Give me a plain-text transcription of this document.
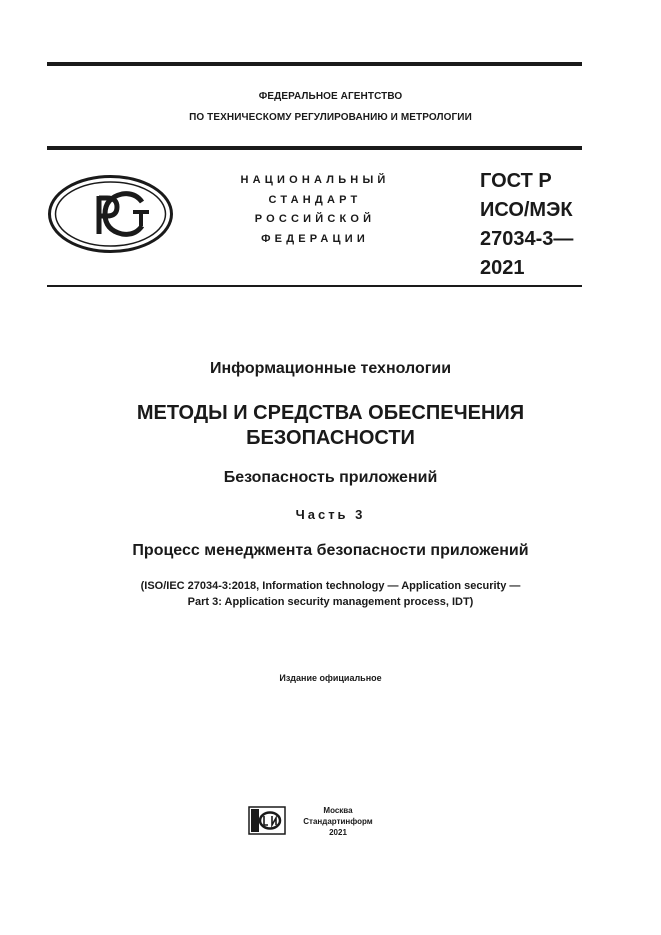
ФЕДЕРАЛЬНОЕ АГЕНТСТВО
ПО ТЕХНИЧЕСКОМУ РЕГУЛИРОВАНИЮ И МЕТРОЛОГИИ
НАЦИОНАЛЬНЫЙ
СТАНДАРТ
РОССИЙСКОЙ
ФЕДЕРАЦИИ
ГОСТ Р
ИСО/МЭК
27034-3—
2021
Информационные технологии
МЕТОДЫ И СРЕДСТВА ОБЕСПЕЧЕНИЯ
БЕЗОПАСНОСТИ
Безопасность приложений
Часть 3
Процесс менеджмента безопасности приложений
(ISO/IEC 27034-3:2018, Information technology — Application security —
Part 3: Application security management process, IDT)
Издание официальное
Москва
Стандартинформ
2021
